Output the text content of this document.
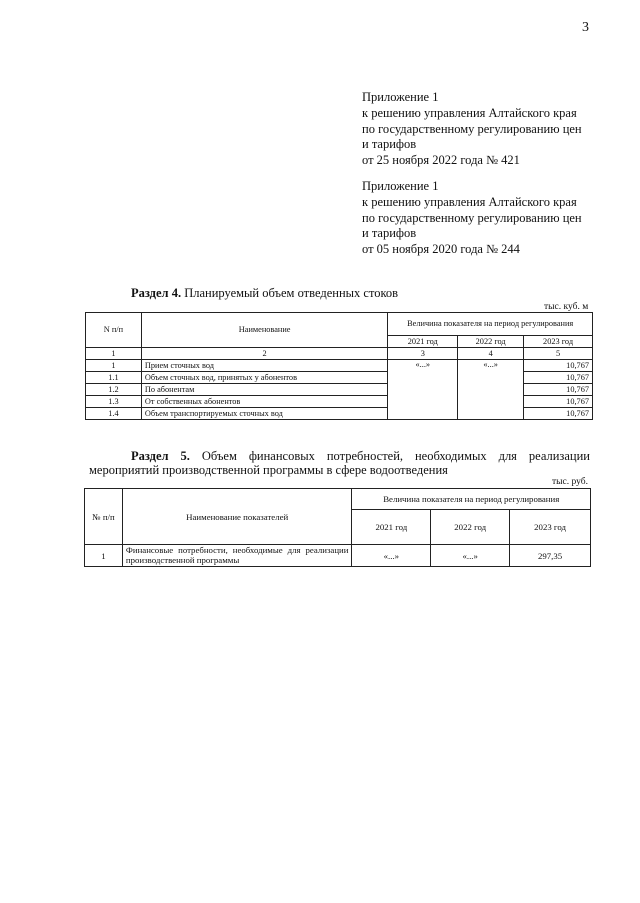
3
Приложение 1
к решению управления Алтайского края
по государственному регулированию цен
и тарифов
от 25 ноября 2022 года № 421
Приложение 1
к решению управления Алтайского края
по государственному регулированию цен
и тарифов
от 05 ноября 2020 года № 244
Раздел 4. Планируемый объем отведенных стоков
тыс. куб. м
N п/п	Наименование	Величина показателя на период регулирования		
		2021 год	2022 год	2023 год
1	2	3	4	5
1	Прием сточных вод	«...»	«...»	10,767
1.1	Объем сточных вод, принятых у абонентов			10,767
1.2	По абонентам			10,767
1.3	От собственных абонентов			10,767
1.4	Объем транспортируемых сточных вод			10,767
Раздел 5. Объем финансовых потребностей, необходимых для реализации
мероприятий производственной программы в сфере водоотведения
тыс. руб.
№ п/п	Наименование показателей	Величина показателя на период регулирования		
		2021 год	2022 год	2023 год
1	Финансовые потребности, необходимые для реализации производственной программы	«...»	«...»	297,35
